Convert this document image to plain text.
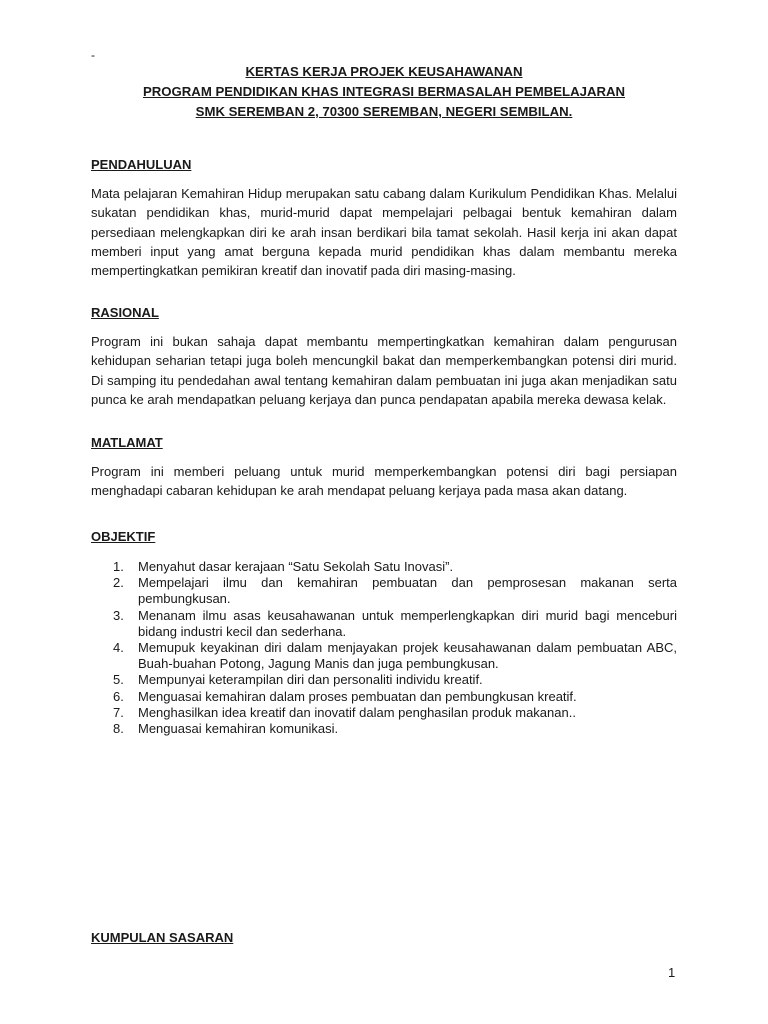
-
KERTAS KERJA PROJEK KEUSAHAWANAN
PROGRAM PENDIDIKAN KHAS INTEGRASI BERMASALAH PEMBELAJARAN
SMK SEREMBAN 2, 70300 SEREMBAN, NEGERI SEMBILAN.
PENDAHULUAN
Mata pelajaran Kemahiran Hidup merupakan satu cabang dalam Kurikulum Pendidikan Khas. Melalui sukatan pendidikan khas, murid-murid dapat mempelajari pelbagai bentuk kemahiran dalam persediaan melengkapkan diri ke arah insan berdikari bila tamat sekolah. Hasil kerja ini akan dapat memberi input yang amat berguna kepada murid pendidikan khas dalam membantu mereka mempertingkatkan pemikiran kreatif dan inovatif pada diri masing-masing.
RASIONAL
Program ini bukan sahaja dapat membantu mempertingkatkan kemahiran dalam pengurusan kehidupan seharian tetapi juga boleh mencungkil bakat dan memperkembangkan potensi diri murid. Di samping itu pendedahan awal tentang kemahiran dalam pembuatan ini juga akan menjadikan satu punca ke arah mendapatkan peluang kerjaya dan punca pendapatan apabila mereka dewasa kelak.
MATLAMAT
Program ini memberi peluang untuk murid memperkembangkan potensi diri bagi persiapan menghadapi cabaran kehidupan ke arah mendapat peluang kerjaya pada masa akan datang.
OBJEKTIF
1. Menyahut dasar kerajaan “Satu Sekolah Satu Inovasi”.
2. Mempelajari ilmu dan kemahiran pembuatan dan pemprosesan makanan serta pembungkusan.
3. Menanam ilmu asas keusahawanan untuk memperlengkapkan diri murid bagi menceburi bidang industri kecil dan sederhana.
4. Memupuk keyakinan diri dalam menjayakan projek keusahawanan dalam pembuatan ABC, Buah-buahan Potong, Jagung Manis dan juga pembungkusan.
5. Mempunyai keterampilan diri dan personaliti individu kreatif.
6. Menguasai kemahiran dalam proses pembuatan dan pembungkusan kreatif.
7. Menghasilkan idea kreatif dan inovatif dalam penghasilan produk makanan..
8. Menguasai kemahiran komunikasi.
KUMPULAN SASARAN
1
